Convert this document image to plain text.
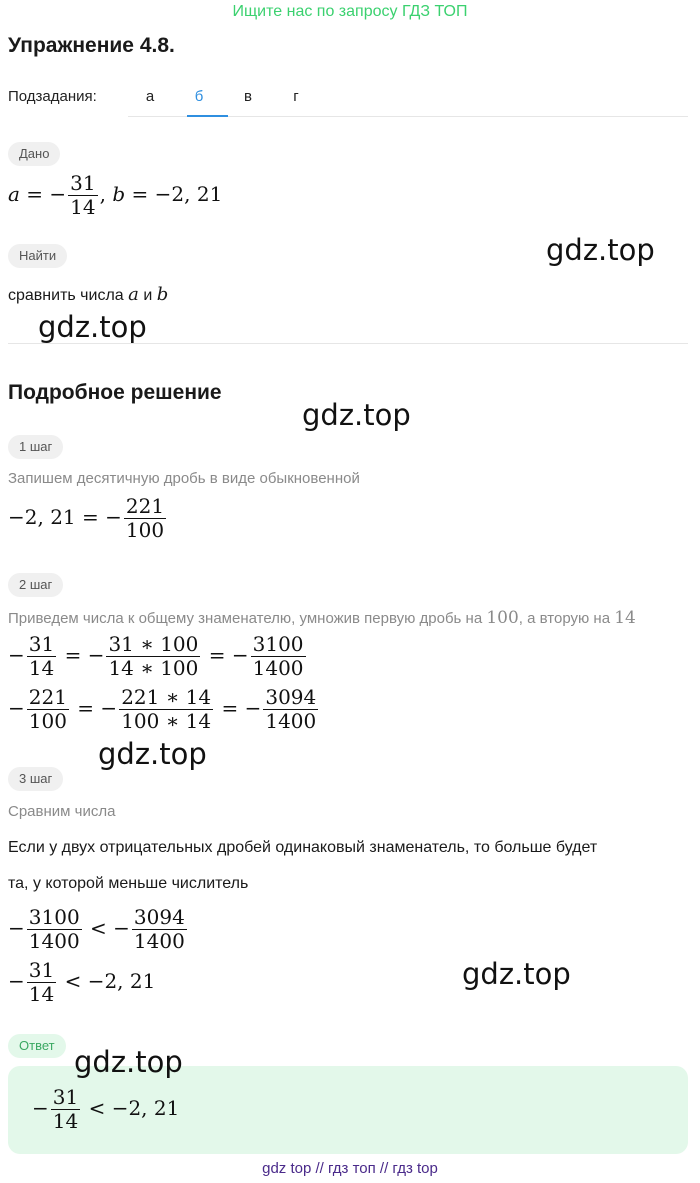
Ищите нас по запросу ГДЗ ТОП
Упражнение 4.8.
Подзадания:	а	б	в	г
Дано
a = − $\frac{31}{14}$ , b = −2, 21
Найти
сравнить числа a и b
Подробное решение
1 шаг
Запишем десятичную дробь в виде обыкновенной
−2, 21 = − $\frac{221}{100}$
2 шаг
Приведем числа к общему знаменателю, умножив первую дробь на 100, а вторую на 14
− $\frac{31}{14}$ = − $\frac{31 ∗ 100}{14 ∗ 100}$ = − $\frac{3100}{1400}$
− $\frac{221}{100}$ = − $\frac{221 ∗ 14}{100 ∗ 14}$ = − $\frac{3094}{1400}$
3 шаг
Сравним числа
Если у двух отрицательных дробей одинаковый знаменатель, то больше будет
та, у которой меньше числитель
− $\frac{3100}{1400}$ < − $\frac{3094}{1400}$
− $\frac{31}{14} < -2$, 21
Ответ
− $\frac{31}{14} < -2$, 21
gdz.top
gdz.top
gdz.top
gdz.top
gdz.top
gdz.top
gdz top // гдз топ // гдз top
